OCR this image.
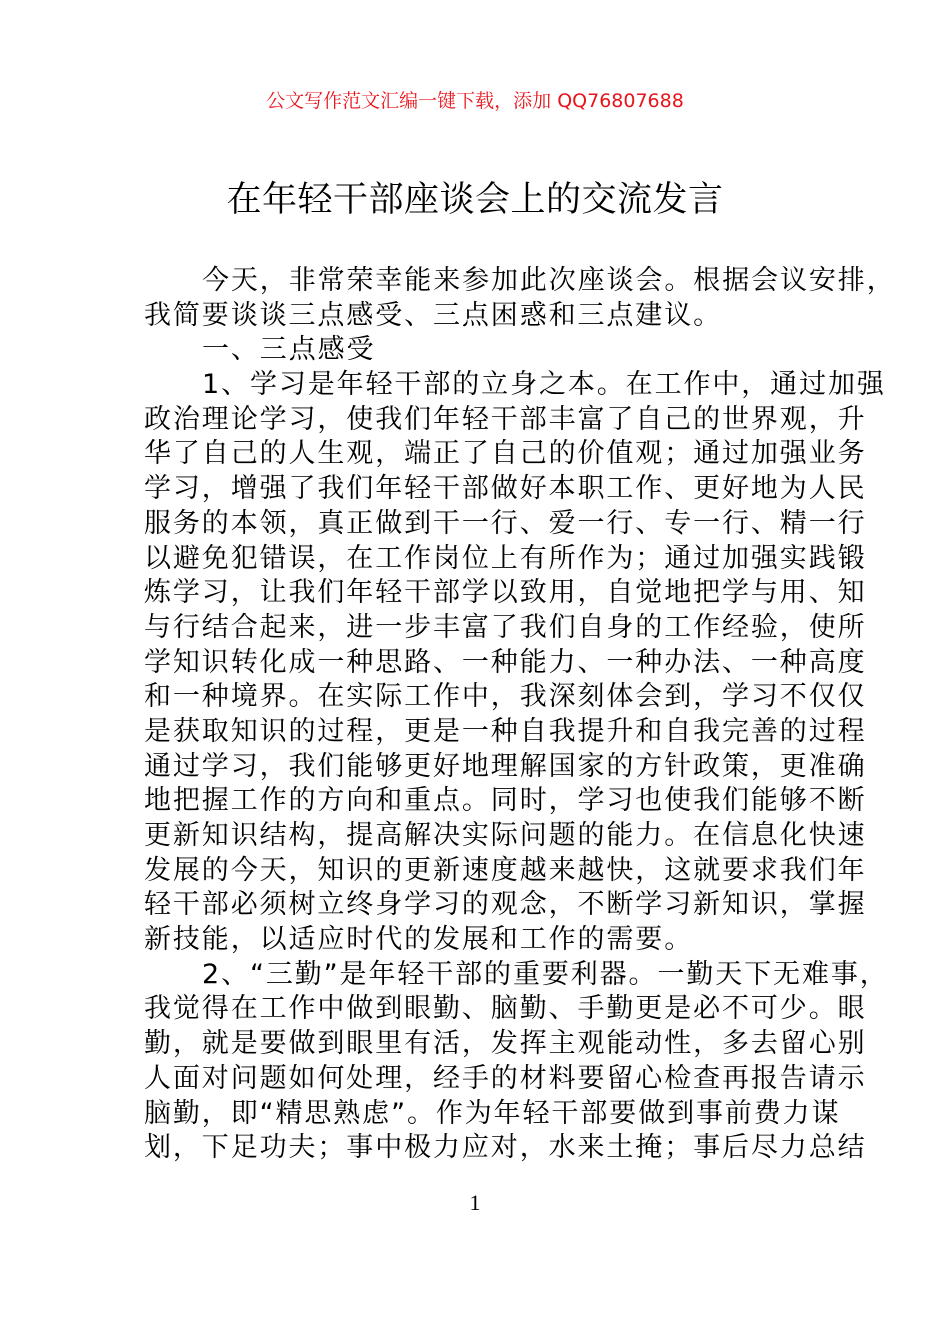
公文写作范文汇编一键下载，添加 QQ76807688
在年轻干部座谈会上的交流发言
今天，非常荣幸能来参加此次座谈会。根据会议安排，
我简要谈谈三点感受、三点困惑和三点建议。
一、三点感受
1、学习是年轻干部的立身之本。在工作中，通过加强
政治理论学习，使我们年轻干部丰富了自己的世界观，升
华了自己的人生观，端正了自己的价值观；通过加强业务
学习，增强了我们年轻干部做好本职工作、更好地为人民
服务的本领，真正做到干一行、爱一行、专一行、精一行
以避免犯错误，在工作岗位上有所作为；通过加强实践锻
炼学习，让我们年轻干部学以致用，自觉地把学与用、知
与行结合起来，进一步丰富了我们自身的工作经验，使所
学知识转化成一种思路、一种能力、一种办法、一种高度
和一种境界。在实际工作中，我深刻体会到，学习不仅仅
是获取知识的过程，更是一种自我提升和自我完善的过程
通过学习，我们能够更好地理解国家的方针政策，更准确
地把握工作的方向和重点。同时，学习也使我们能够不断
更新知识结构，提高解决实际问题的能力。在信息化快速
发展的今天，知识的更新速度越来越快，这就要求我们年
轻干部必须树立终身学习的观念，不断学习新知识，掌握
新技能，以适应时代的发展和工作的需要。
2、“三勤”是年轻干部的重要利器。一勤天下无难事，
我觉得在工作中做到眼勤、脑勤、手勤更是必不可少。眼
勤，就是要做到眼里有活，发挥主观能动性，多去留心别
人面对问题如何处理，经手的材料要留心检查再报告请示
脑勤，即“精思熟虑”。作为年轻干部要做到事前费力谋
划，下足功夫；事中极力应对，水来土掩；事后尽力总结
1
